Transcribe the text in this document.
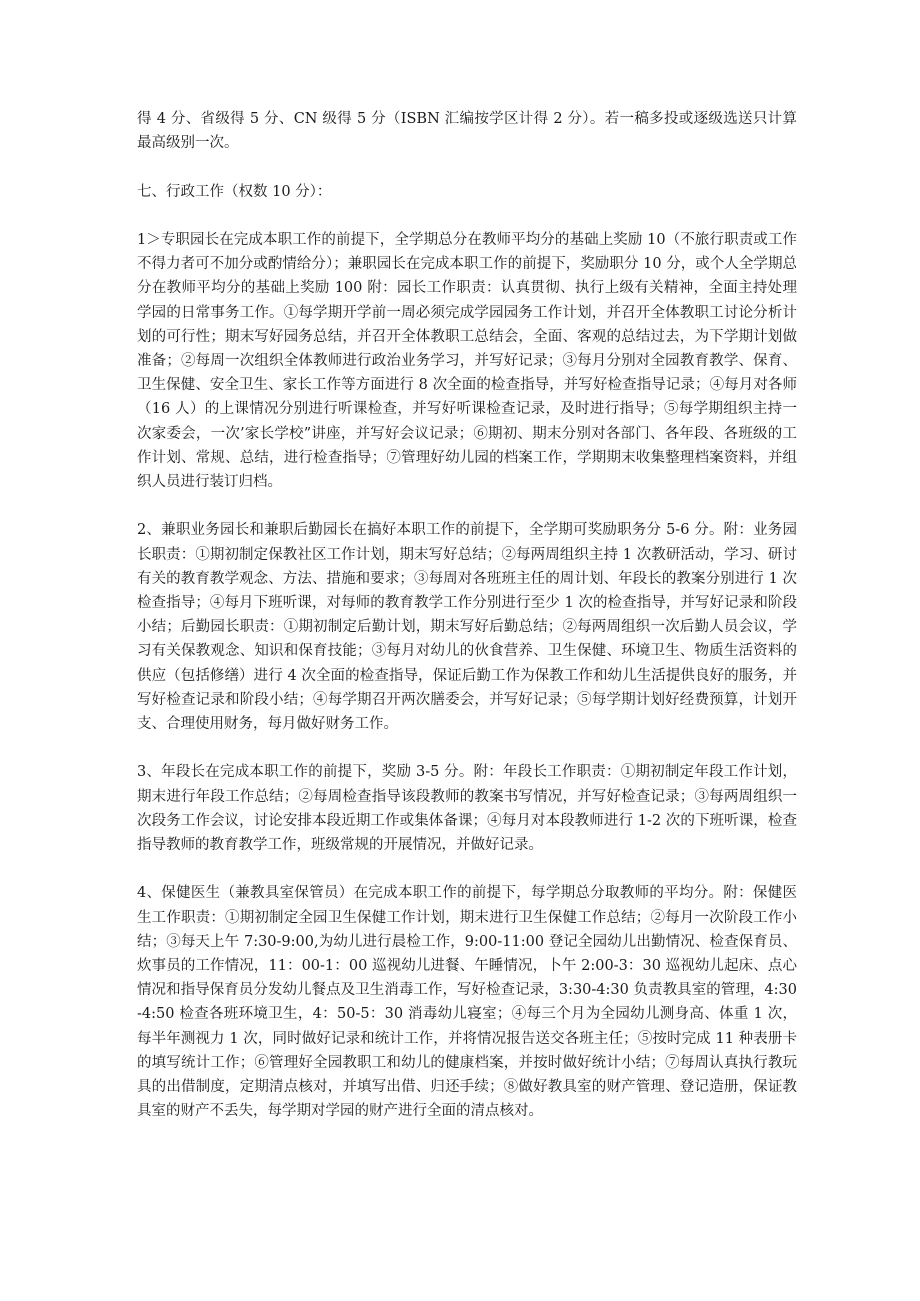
得 4 分、省级得 5 分、CN 级得 5 分（ISBN 汇编按学区计得 2 分）。若一稿多投或逐级选送只计算最高级别一次。

七、行政工作（权数 10 分）：

1＞专职园长在完成本职工作的前提下，全学期总分在教师平均分的基础上奖励 10（不旅行职责或工作不得力者可不加分或酌情给分）；兼职园长在完成本职工作的前提下，奖励职分 10 分，或个人全学期总分在教师平均分的基础上奖励 100 附：园长工作职责：认真贯彻、执行上级有关精神，全面主持处理学园的日常事务工作。①每学期开学前一周必须完成学园园务工作计划，并召开全体教职工讨论分析计划的可行性；期末写好园务总结，并召开全体教职工总结会，全面、客观的总结过去，为下学期计划做准备；②每周一次组织全体教师进行政治业务学习，并写好记录；③每月分别对全园教育教学、保育、卫生保健、安全卫生、家长工作等方面进行 8 次全面的检查指导，并写好检查指导记录；④每月对各师（16 人）的上课情况分别进行听课检查，并写好听课检查记录，及时进行指导；⑤每学期组织主持一次家委会，一次’家长学校”讲座，并写好会议记录；⑥期初、期末分别对各部门、各年段、各班级的工作计划、常规、总结，进行检查指导；⑦管理好幼儿园的档案工作，学期期末收集整理档案资料，并组织人员进行装订归档。

2、兼职业务园长和兼职后勤园长在搞好本职工作的前提下，全学期可奖励职务分 5-6 分。附：业务园长职责：①期初制定保教社区工作计划，期末写好总结；②每两周组织主持 1 次教研活动，学习、研讨有关的教育教学观念、方法、措施和要求；③每周对各班班主任的周计划、年段长的教案分别进行 1 次检查指导；④每月下班听课，对每师的教育教学工作分别进行至少 1 次的检查指导，并写好记录和阶段小结；后勤园长职责：①期初制定后勤计划，期末写好后勤总结；②每两周组织一次后勤人员会议，学习有关保教观念、知识和保育技能；③每月对幼儿的伙食营养、卫生保健、环境卫生、物质生活资料的供应（包括修缮）进行 4 次全面的检查指导，保证后勤工作为保教工作和幼儿生活提供良好的服务，并写好检查记录和阶段小结；④每学期召开两次膳委会，并写好记录；⑤每学期计划好经费预算，计划开支、合理使用财务，每月做好财务工作。

3、年段长在完成本职工作的前提下，奖励 3-5 分。附：年段长工作职责：①期初制定年段工作计划，期末进行年段工作总结；②每周检查指导该段教师的教案书写情况，并写好检查记录；③每两周组织一次段务工作会议，讨论安排本段近期工作或集体备课；④每月对本段教师进行 1-2 次的下班听课，检查指导教师的教育教学工作，班级常规的开展情况，并做好记录。

4、保健医生（兼教具室保管员）在完成本职工作的前提下，每学期总分取教师的平均分。附：保健医生工作职责：①期初制定全园卫生保健工作计划，期末进行卫生保健工作总结；②每月一次阶段工作小结；③每天上午 7:30-9:00,为幼儿进行晨检工作，9:00-11:00 登记全园幼儿出勤情况、检查保育员、炊事员的工作情况，11：00-1：00 巡视幼儿进餐、午睡情况，卜午 2:00-3：30 巡视幼儿起床、点心情况和指导保育员分发幼儿餐点及卫生消毒工作，写好检查记录，3:30-4:30 负责教具室的管理，4:30-4:50 检查各班环境卫生，4：50-5：30 消毒幼儿寝室；④每三个月为全园幼儿测身高、体重 1 次，每半年测视力 1 次，同时做好记录和统计工作，并将情况报告送交各班主任；⑤按时完成 11 种表册卡的填写统计工作；⑥管理好全园教职工和幼儿的健康档案，并按时做好统计小结；⑦每周认真执行教玩具的出借制度，定期清点核对，并填写出借、归还手续；⑧做好教具室的财产管理、登记造册，保证教具室的财产不丢失，每学期对学园的财产进行全面的清点核对。
